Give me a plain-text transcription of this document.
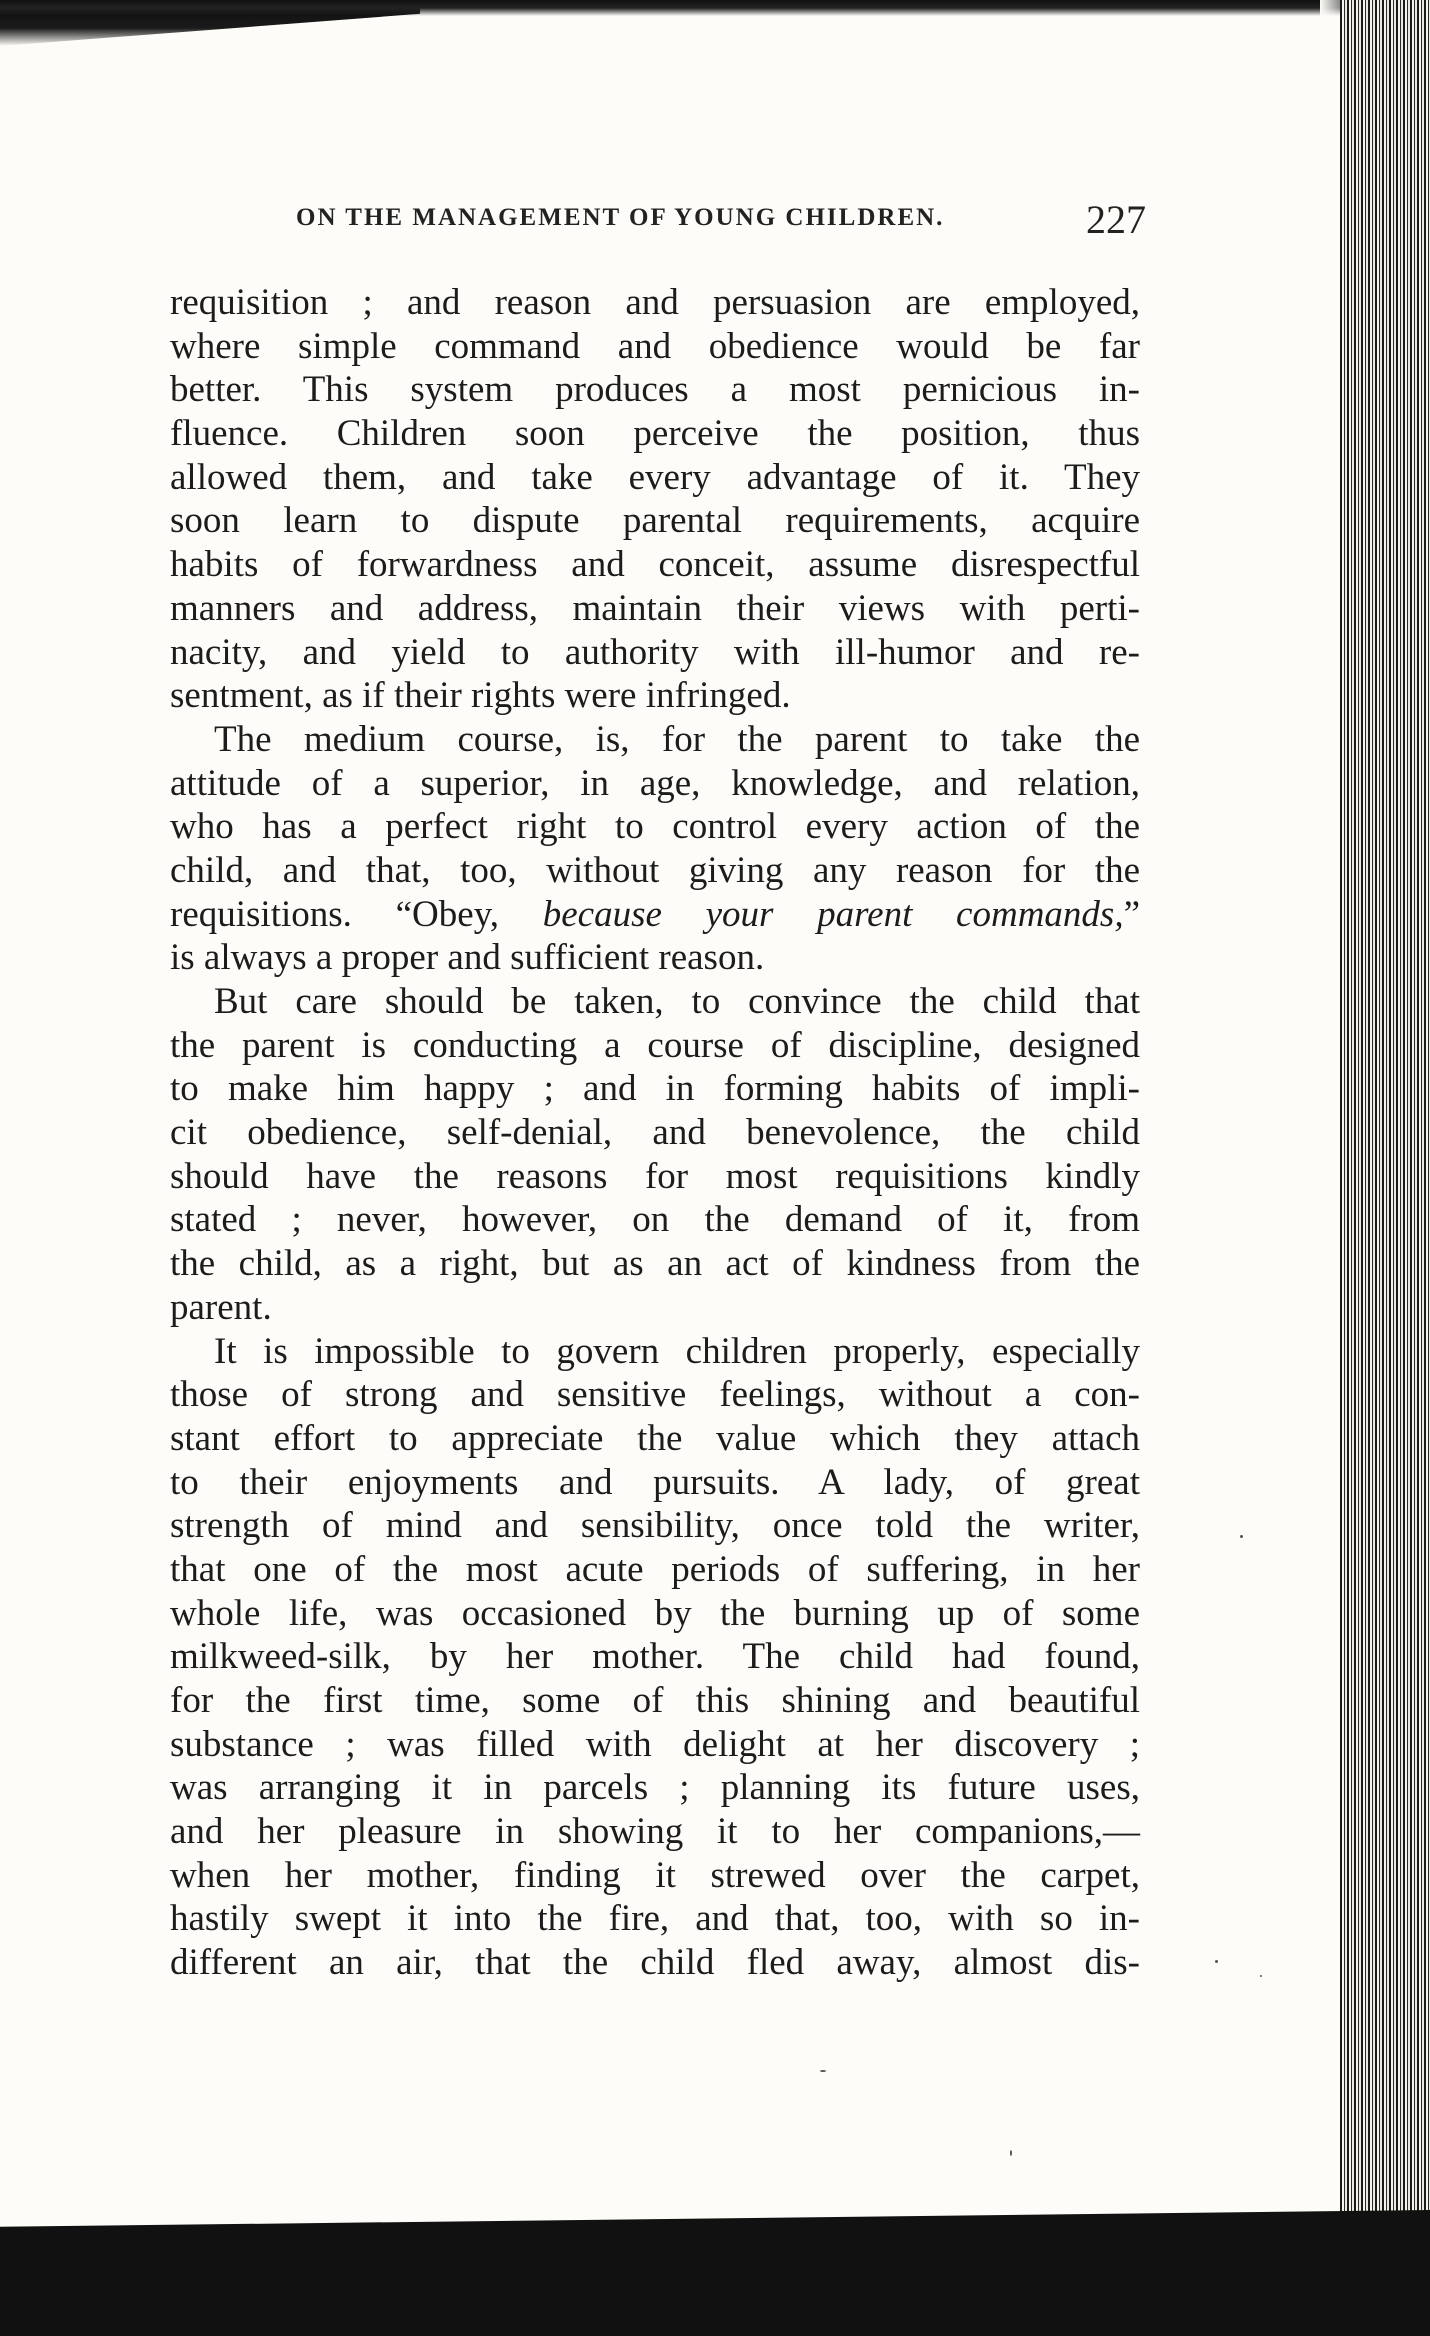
ON THE MANAGEMENT OF YOUNG CHILDREN.	227
requisition ; and reason and persuasion are employed,
where simple command and obedience would be far
better. This system produces a most pernicious in-
fluence. Children soon perceive the position, thus
allowed them, and take every advantage of it. They
soon learn to dispute parental requirements, acquire
habits of forwardness and conceit, assume disrespectful
manners and address, maintain their views with perti-
nacity, and yield to authority with ill-humor and re-
sentment, as if their rights were infringed.
The medium course, is, for the parent to take the
attitude of a superior, in age, knowledge, and relation,
who has a perfect right to control every action of the
child, and that, too, without giving any reason for the
requisitions. “Obey, because your parent commands,”
is always a proper and sufficient reason.
But care should be taken, to convince the child that
the parent is conducting a course of discipline, designed
to make him happy ; and in forming habits of impli-
cit obedience, self-denial, and benevolence, the child
should have the reasons for most requisitions kindly
stated ; never, however, on the demand of it, from
the child, as a right, but as an act of kindness from the
parent.
It is impossible to govern children properly, especially
those of strong and sensitive feelings, without a con-
stant effort to appreciate the value which they attach
to their enjoyments and pursuits. A lady, of great
strength of mind and sensibility, once told the writer,
that one of the most acute periods of suffering, in her
whole life, was occasioned by the burning up of some
milkweed-silk, by her mother. The child had found,
for the first time, some of this shining and beautiful
substance ; was filled with delight at her discovery ;
was arranging it in parcels ; planning its future uses,
and her pleasure in showing it to her companions,—
when her mother, finding it strewed over the carpet,
hastily swept it into the fire, and that, too, with so in-
different an air, that the child fled away, almost dis-
